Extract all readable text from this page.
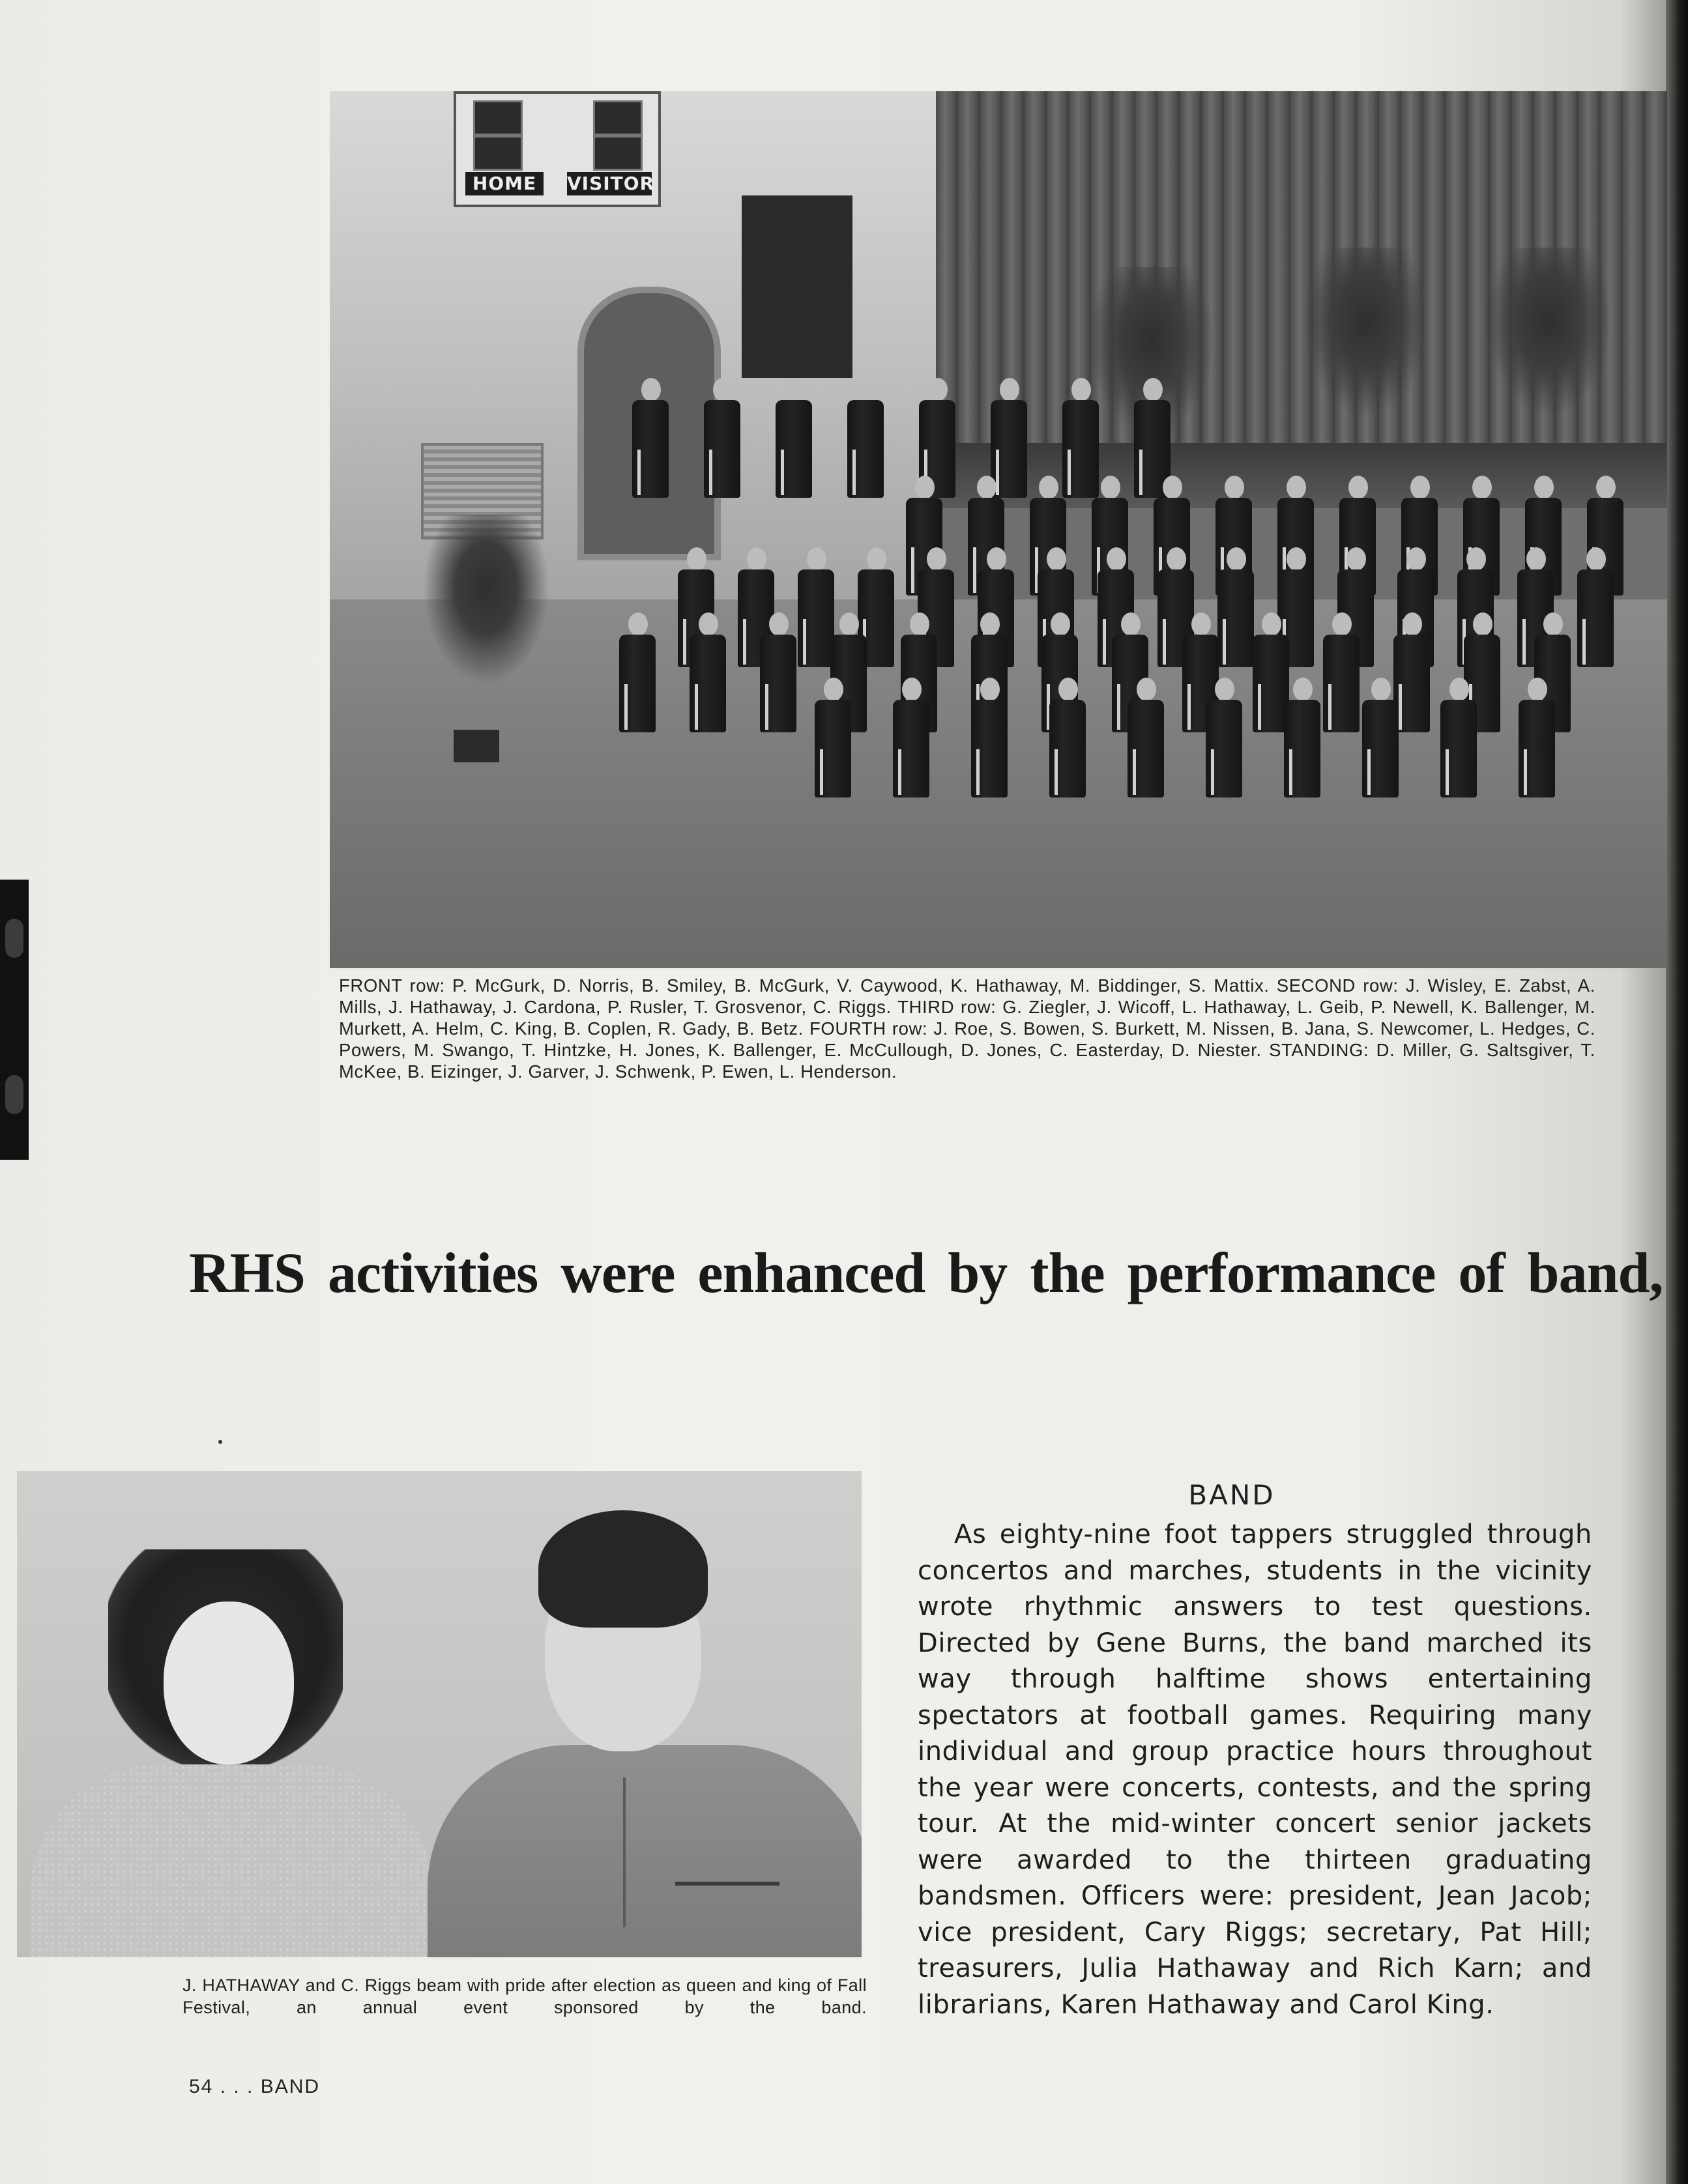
HOME	VISITOR
FRONT row: P. McGurk, D. Norris, B. Smiley, B. McGurk, V. Caywood, K. Hathaway, M. Biddinger, S. Mattix. SECOND row: J. Wisley, E. Zabst, A. Mills, J. Hathaway, J. Cardona, P. Rusler, T. Grosvenor, C. Riggs. THIRD row: G. Ziegler, J. Wicoff, L. Hathaway, L. Geib, P. Newell, K. Ballenger, M. Murkett, A. Helm, C. King, B. Coplen, R. Gady, B. Betz. FOURTH row: J. Roe, S. Bowen, S. Burkett, M. Nissen, B. Jana, S. Newcomer, L. Hedges, C. Powers, M. Swango, T. Hintzke, H. Jones, K. Ballenger, E. McCullough, D. Jones, C. Easterday, D. Niester. STANDING: D. Miller, G. Saltsgiver, T. McKee, B. Eizinger, J. Garver, J. Schwenk, P. Ewen, L. Henderson.
RHS activities were enhanced by the performance of band,
J. HATHAWAY and C. Riggs beam with pride after election as queen and king of Fall Festival, an annual event sponsored by the band.
BAND
As eighty-nine foot tappers struggled through concertos and marches, students in the vicinity wrote rhythmic answers to test questions. Directed by Gene Burns, the band marched its way through halftime shows entertaining spectators at football games. Requiring many individual and group practice hours throughout the year were concerts, contests, and the spring tour. At the mid-winter concert senior jackets were awarded to the thirteen graduating bandsmen. Officers were: president, Jean Jacob; vice president, Cary Riggs; secretary, Pat Hill; treasurers, Julia Hathaway and Rich Karn; and librarians, Karen Hathaway and Carol King.
54 . . . BAND
